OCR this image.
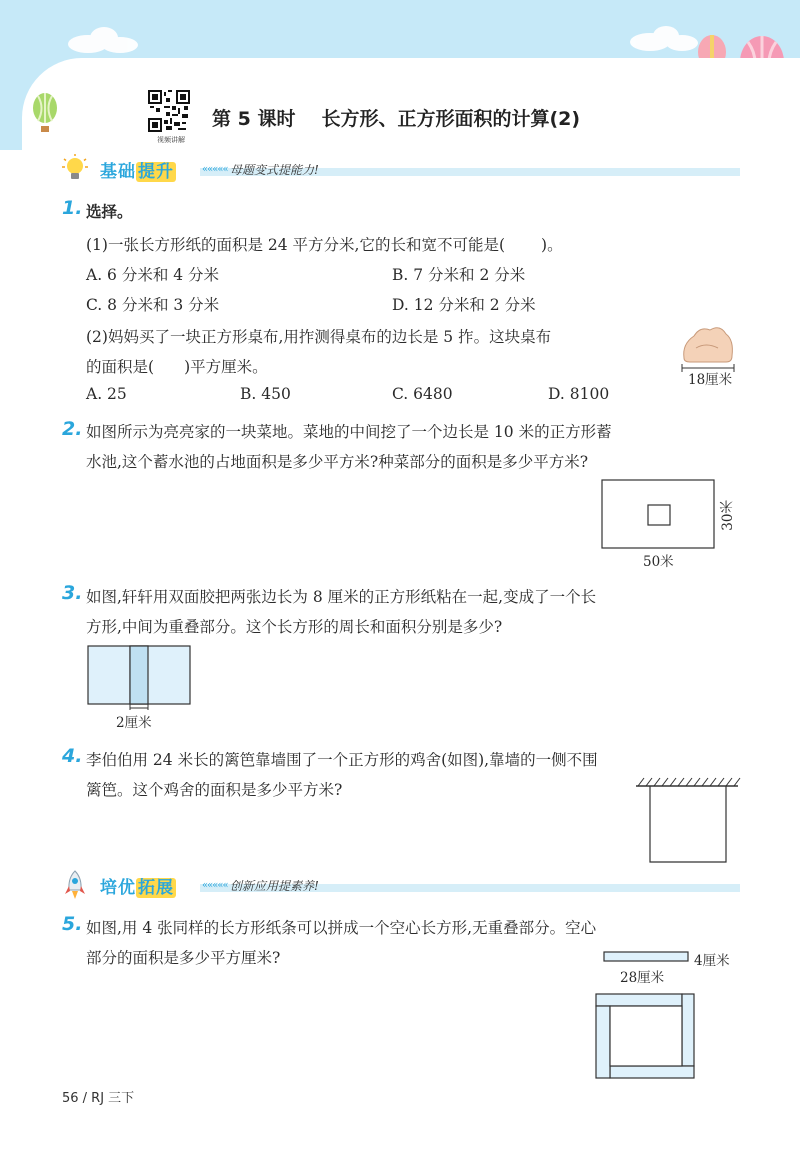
视频讲解
第 5 课时 长方形、正方形面积的计算(2)
基础 提升	««««« 母题变式提能力!
1. 选择。
(1)一张长方形纸的面积是 24 平方分米,它的长和宽不可能是( )。
A. 6 分米和 4 分米	B. 7 分米和 2 分米
C. 8 分米和 3 分米	D. 12 分米和 2 分米
(2)妈妈买了一块正方形桌布,用拃测得桌布的边长是 5 拃。这块桌布
的面积是( )平方厘米。
A. 25	B. 450	C. 6480	D. 8100
18厘米
2. 如图所示为亮亮家的一块菜地。菜地的中间挖了一个边长是 10 米的正方形蓄
水池,这个蓄水池的占地面积是多少平方米?种菜部分的面积是多少平方米?
50米
30米
3. 如图,轩轩用双面胶把两张边长为 8 厘米的正方形纸粘在一起,变成了一个长
方形,中间为重叠部分。这个长方形的周长和面积分别是多少?
2厘米
4. 李伯伯用 24 米长的篱笆靠墙围了一个正方形的鸡舍(如图),靠墙的一侧不围
篱笆。这个鸡舍的面积是多少平方米?
培优 拓展	««««« 创新应用提素养!
5. 如图,用 4 张同样的长方形纸条可以拼成一个空心长方形,无重叠部分。空心
部分的面积是多少平方厘米?	4厘米
28厘米
56 / RJ 三下
